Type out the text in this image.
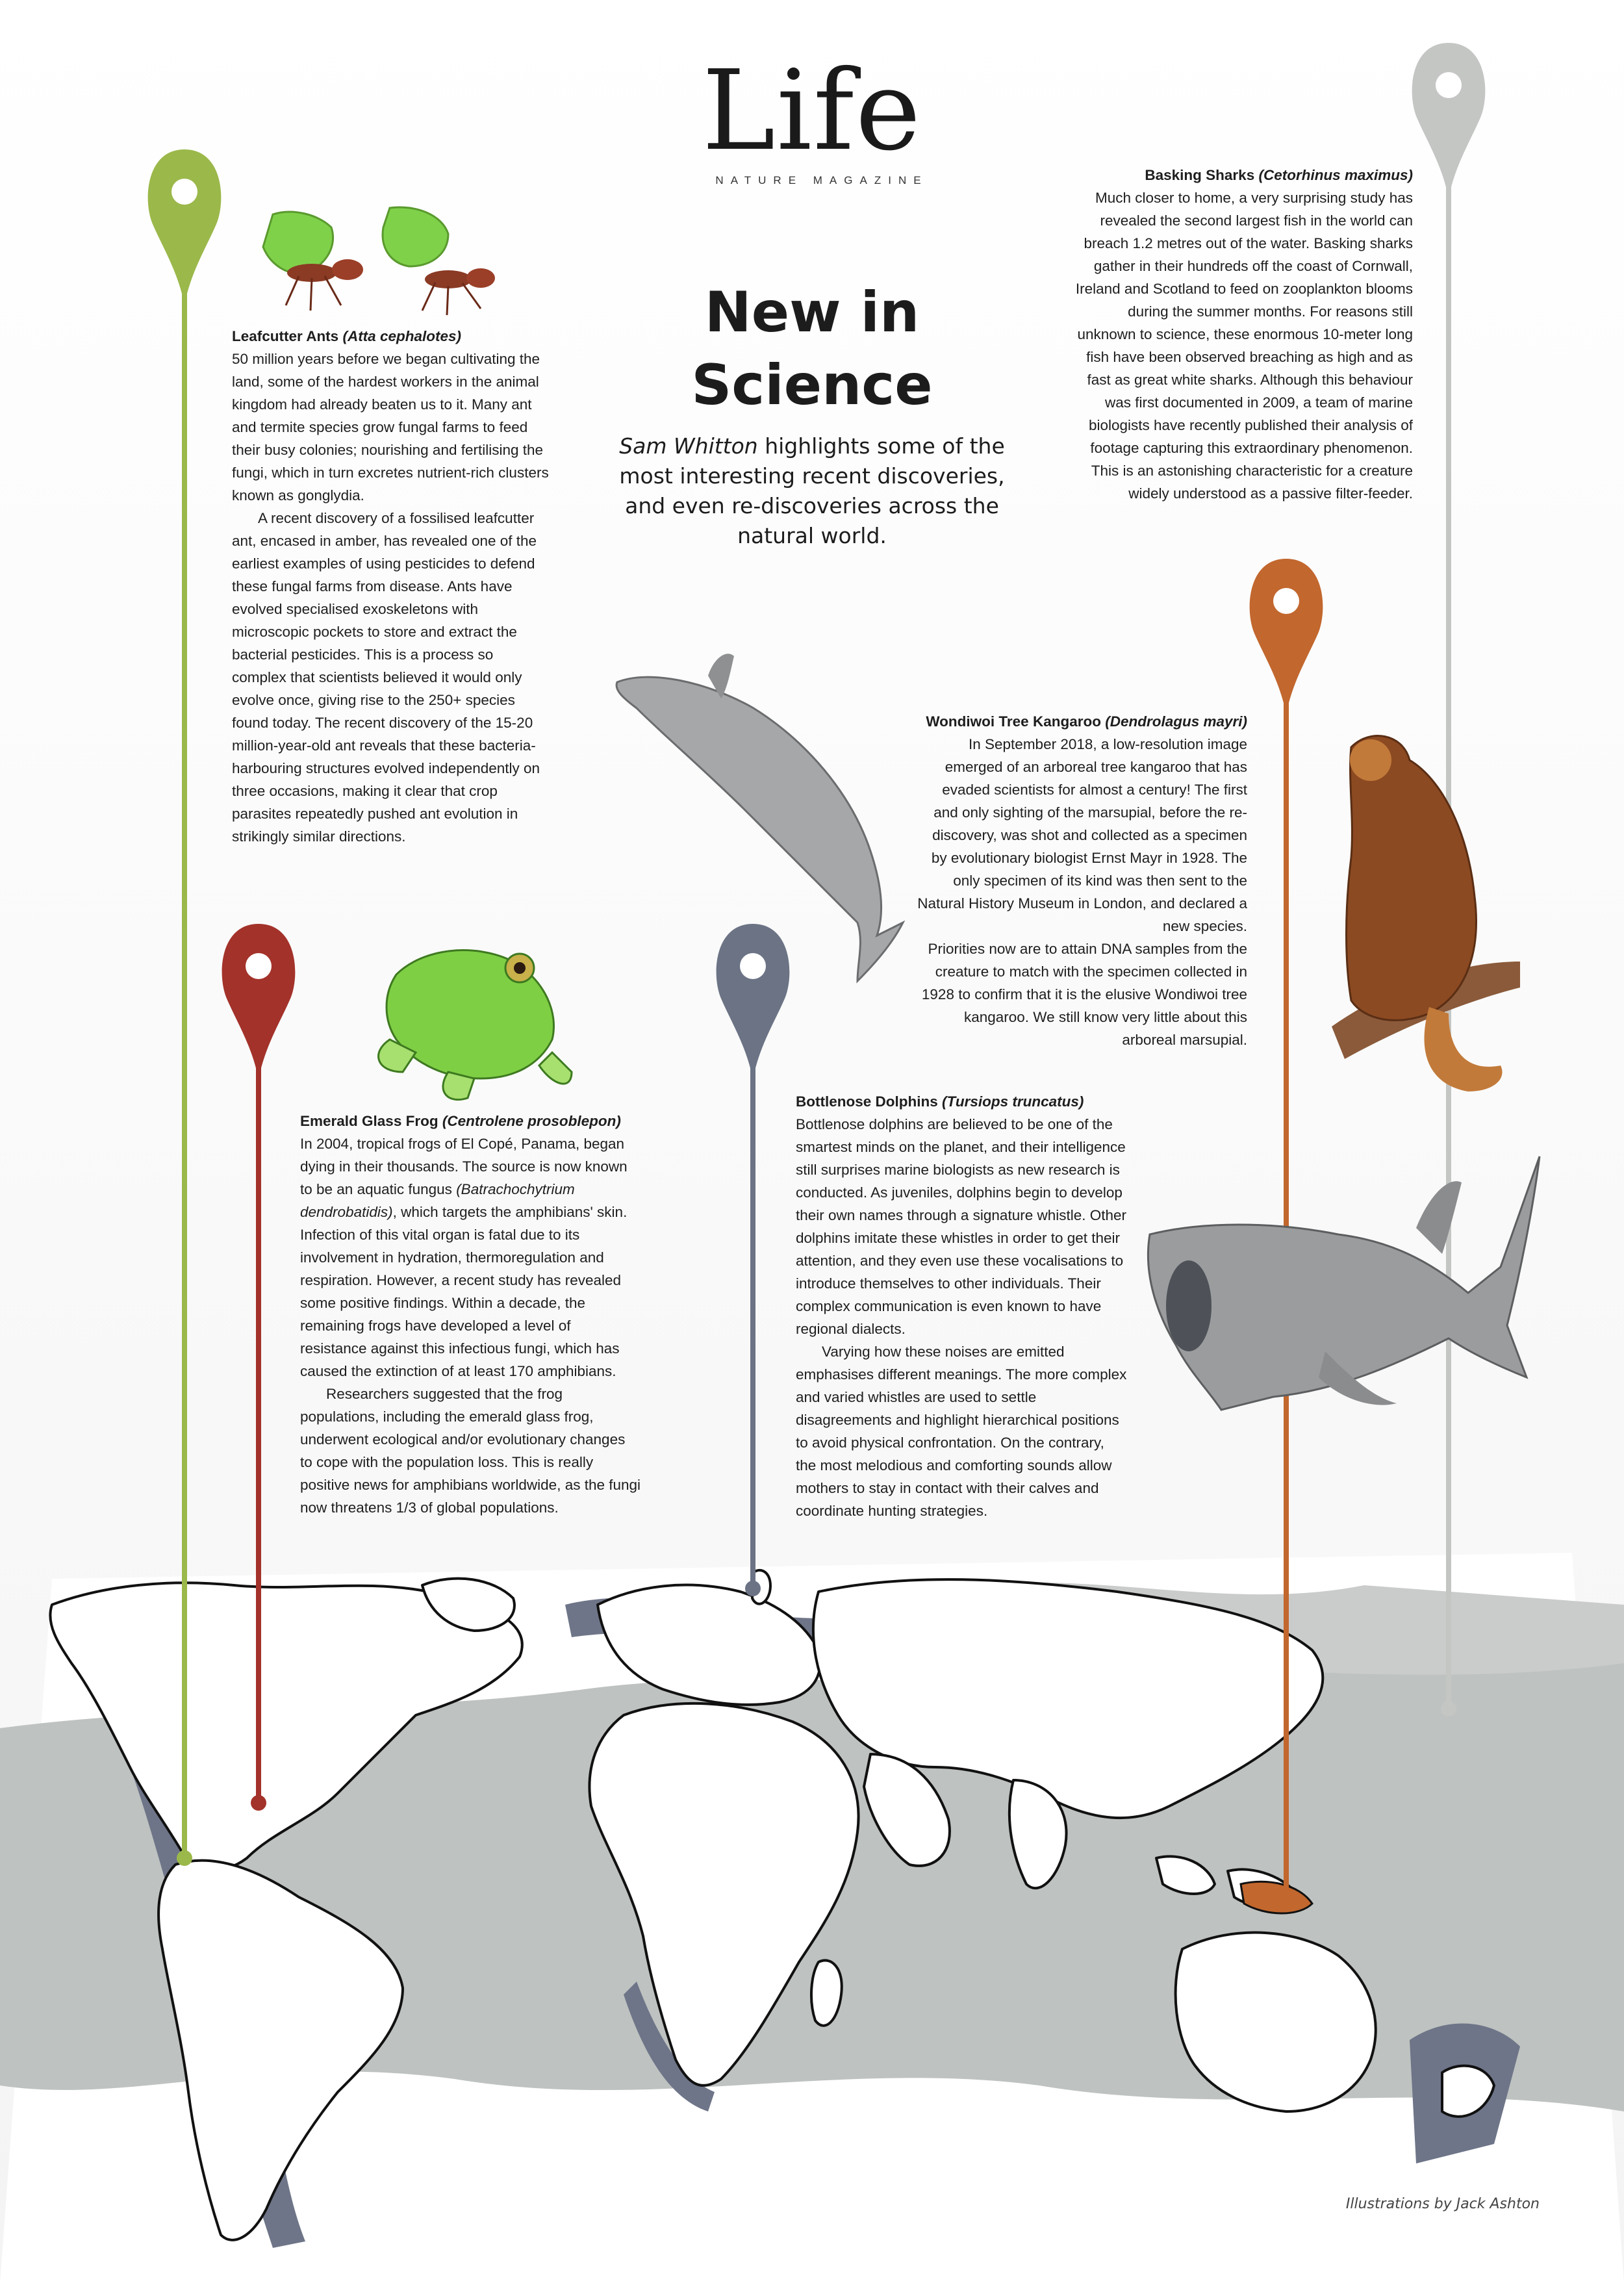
Life
NATURE MAGAZINE
New in
Science
Sam Whitton highlights some of the most interesting recent discoveries, and even re-discoveries across the natural world.
Leafcutter Ants (Atta cephalotes)

50 million years before we began cultivating the land, some of the hardest workers in the animal kingdom had already beaten us to it. Many ant and termite species grow fungal farms to feed their busy colonies; nourishing and fertilising the fungi, which in turn excretes nutrient-rich clusters known as gonglydia.

A recent discovery of a fossilised leafcutter ant, encased in amber, has revealed one of the earliest examples of using pesticides to defend these fungal farms from disease. Ants have evolved specialised exoskeletons with microscopic pockets to store and extract the bacterial pesticides. This is a process so complex that scientists believed it would only evolve once, giving rise to the 250+ species found today. The recent discovery of the 15-20 million-year-old ant reveals that these bacteria-harbouring structures evolved independently on three occasions, making it clear that crop parasites repeatedly pushed ant evolution in strikingly similar directions.

Basking Sharks (Cetorhinus maximus)

Much closer to home, a very surprising study has revealed the second largest fish in the world can breach 1.2 metres out of the water. Basking sharks gather in their hundreds off the coast of Cornwall, Ireland and Scotland to feed on zooplankton blooms during the summer months. For reasons still unknown to science, these enormous 10-meter long fish have been observed breaching as high and as fast as great white sharks. Although this behaviour was first documented in 2009, a team of marine biologists have recently published their analysis of footage capturing this extraordinary phenomenon. This is an astonishing characteristic for a creature widely understood as a passive filter-feeder.

Wondiwoi Tree Kangaroo (Dendrolagus mayri)

In September 2018, a low-resolution image emerged of an arboreal tree kangaroo that has evaded scientists for almost a century! The first and only sighting of the marsupial, before the re-discovery, was shot and collected as a specimen by evolutionary biologist Ernst Mayr in 1928. The only specimen of its kind was then sent to the Natural History Museum in London, and declared a new species.

Priorities now are to attain DNA samples from the creature to match with the specimen collected in 1928 to confirm that it is the elusive Wondiwoi tree kangaroo. We still know very little about this arboreal marsupial.

Emerald Glass Frog (Centrolene prosoblepon)

In 2004, tropical frogs of El Copé, Panama, began dying in their thousands. The source is now known to be an aquatic fungus (Batrachochytrium dendrobatidis), which targets the amphibians' skin. Infection of this vital organ is fatal due to its involvement in hydration, thermoregulation and respiration. However, a recent study has revealed some positive findings. Within a decade, the remaining frogs have developed a level of resistance against this infectious fungi, which has caused the extinction of at least 170 amphibians.

Researchers suggested that the frog populations, including the emerald glass frog, underwent ecological and/or evolutionary changes to cope with the population loss. This is really positive news for amphibians worldwide, as the fungi now threatens 1/3 of global populations.

Bottlenose Dolphins (Tursiops truncatus)

Bottlenose dolphins are believed to be one of the smartest minds on the planet, and their intelligence still surprises marine biologists as new research is conducted. As juveniles, dolphins begin to develop their own names through a signature whistle. Other dolphins imitate these whistles in order to get their attention, and they even use these vocalisations to introduce themselves to other individuals. Their complex communication is even known to have regional dialects.

Varying how these noises are emitted emphasises different meanings. The more complex and varied whistles are used to settle disagreements and highlight hierarchical positions to avoid physical confrontation. On the contrary, the most melodious and comforting sounds allow mothers to stay in contact with their calves and coordinate hunting strategies.

Illustrations by Jack Ashton
